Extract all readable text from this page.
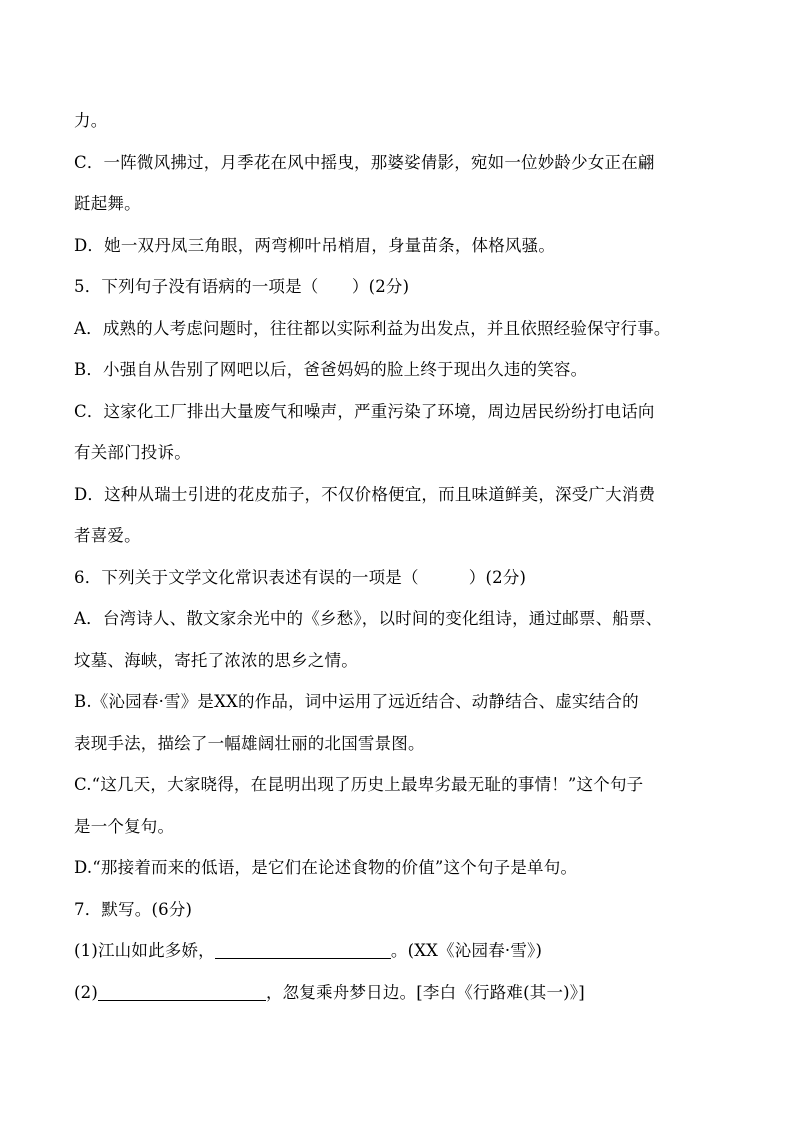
力。
C．一阵微风拂过，月季花在风中摇曳，那婆娑倩影，宛如一位妙龄少女正在翩
跹起舞。
D．她一双丹凤三角眼，两弯柳叶吊梢眉，身量苗条，体格风骚。
5．下列句子没有语病的一项是（　　）(2分)
A．成熟的人考虑问题时，往往都以实际利益为出发点，并且依照经验保守行事。
B．小强自从告别了网吧以后，爸爸妈妈的脸上终于现出久违的笑容。
C．这家化工厂排出大量废气和噪声，严重污染了环境，周边居民纷纷打电话向
有关部门投诉。
D．这种从瑞士引进的花皮茄子，不仅价格便宜，而且味道鲜美，深受广大消费
者喜爱。
6．下列关于文学文化常识表述有误的一项是（　　　）(2分)
A．台湾诗人、散文家余光中的《乡愁》，以时间的变化组诗，通过邮票、船票、
坟墓、海峡，寄托了浓浓的思乡之情。
B.《沁园春·雪》是XX的作品，词中运用了远近结合、动静结合、虚实结合的
表现手法，描绘了一幅雄阔壮丽的北国雪景图。
C.“这几天，大家晓得，在昆明出现了历史上最卑劣最无耻的事情！”这个句子
是一个复句。
D.“那接着而来的低语，是它们在论述食物的价值”这个句子是单句。
7．默写。(6分)
(1)江山如此多娇，	。(XX《沁园春·雪》)
(2)	，忽复乘舟梦日边。[李白《行路难(其一)》]
